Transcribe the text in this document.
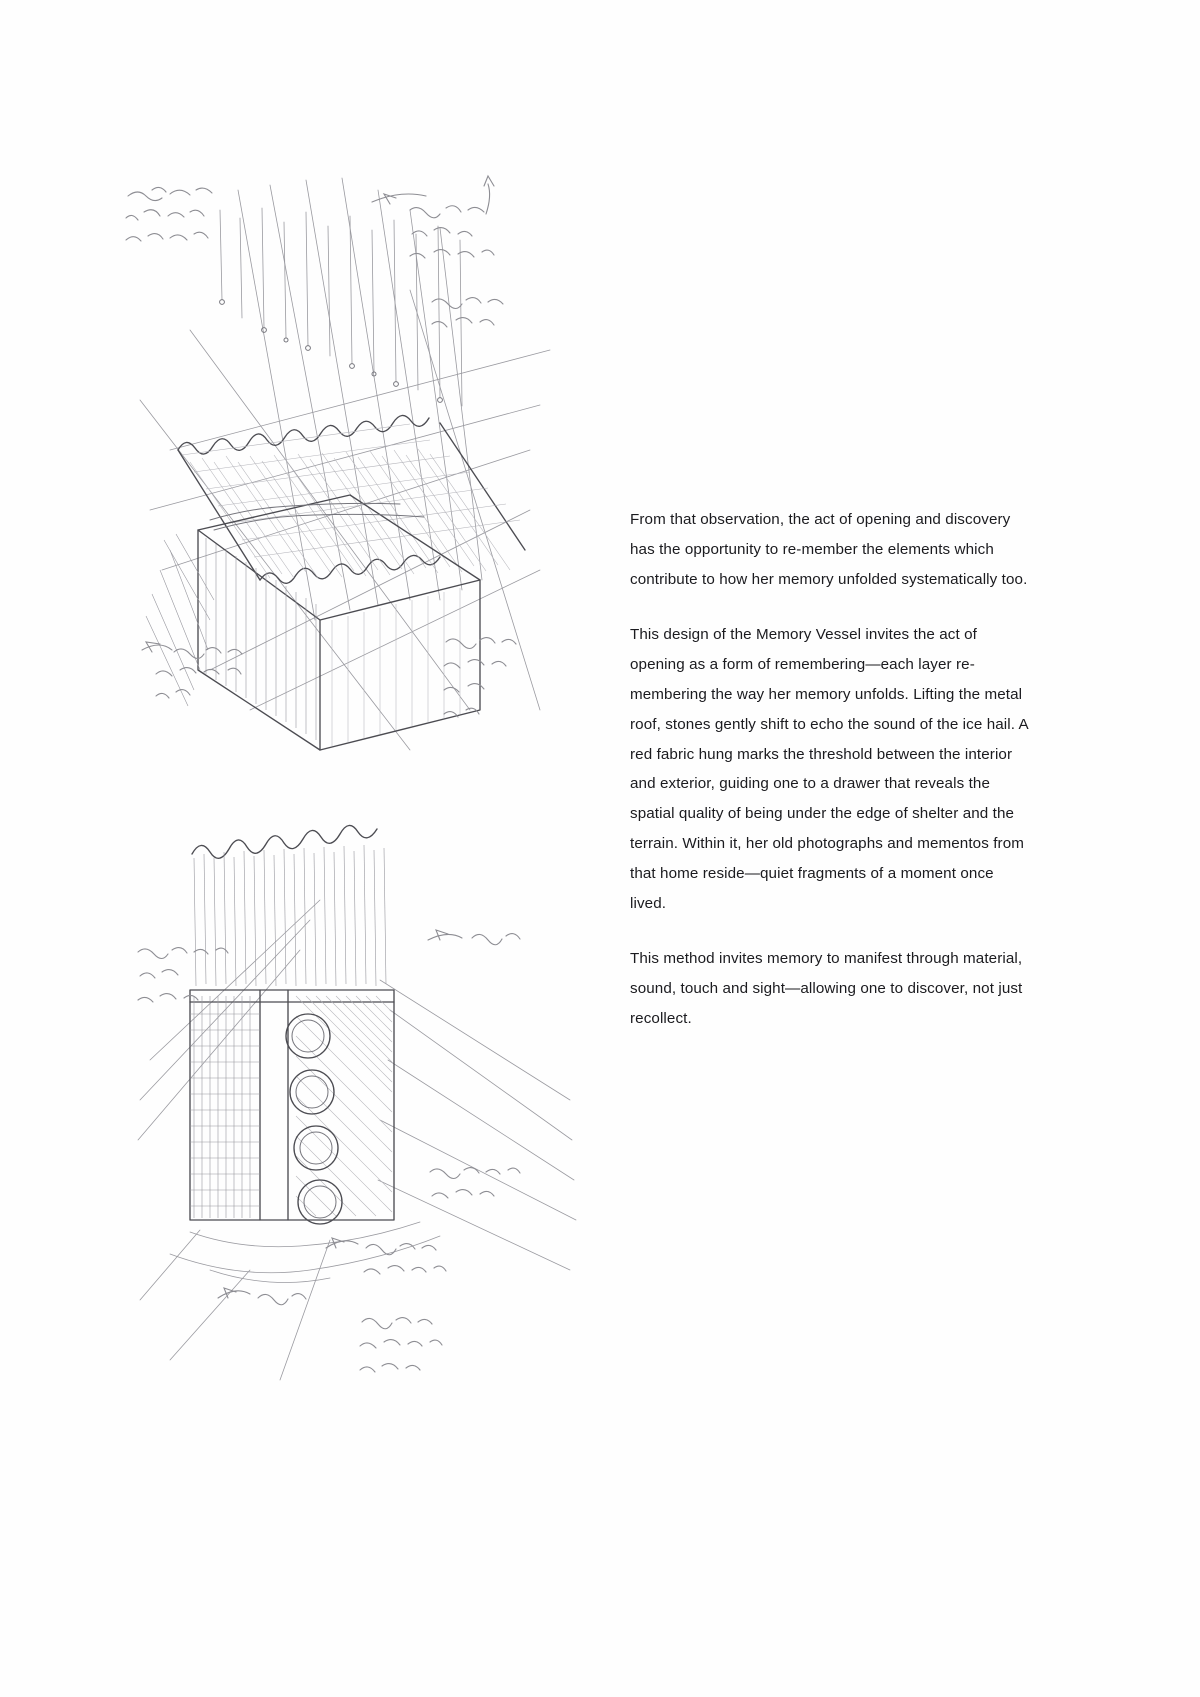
From that observation, the act of opening and discovery has the opportunity to re-member the elements which contribute to how her memory unfolded systematically too.

This design of the Memory Vessel invites the act of opening as a form of remembering—each layer re-membering the way her memory unfolds. Lifting the metal roof, stones gently shift to echo the sound of the ice hail. A red fabric hung marks the threshold between the interior and exterior, guiding one to a drawer that reveals the spatial quality of being under the edge of shelter and the terrain. Within it, her old photographs and mementos from that home reside—quiet fragments of a moment once lived.

This method invites memory to manifest through material, sound, touch and sight—allowing one to discover, not just recollect.
